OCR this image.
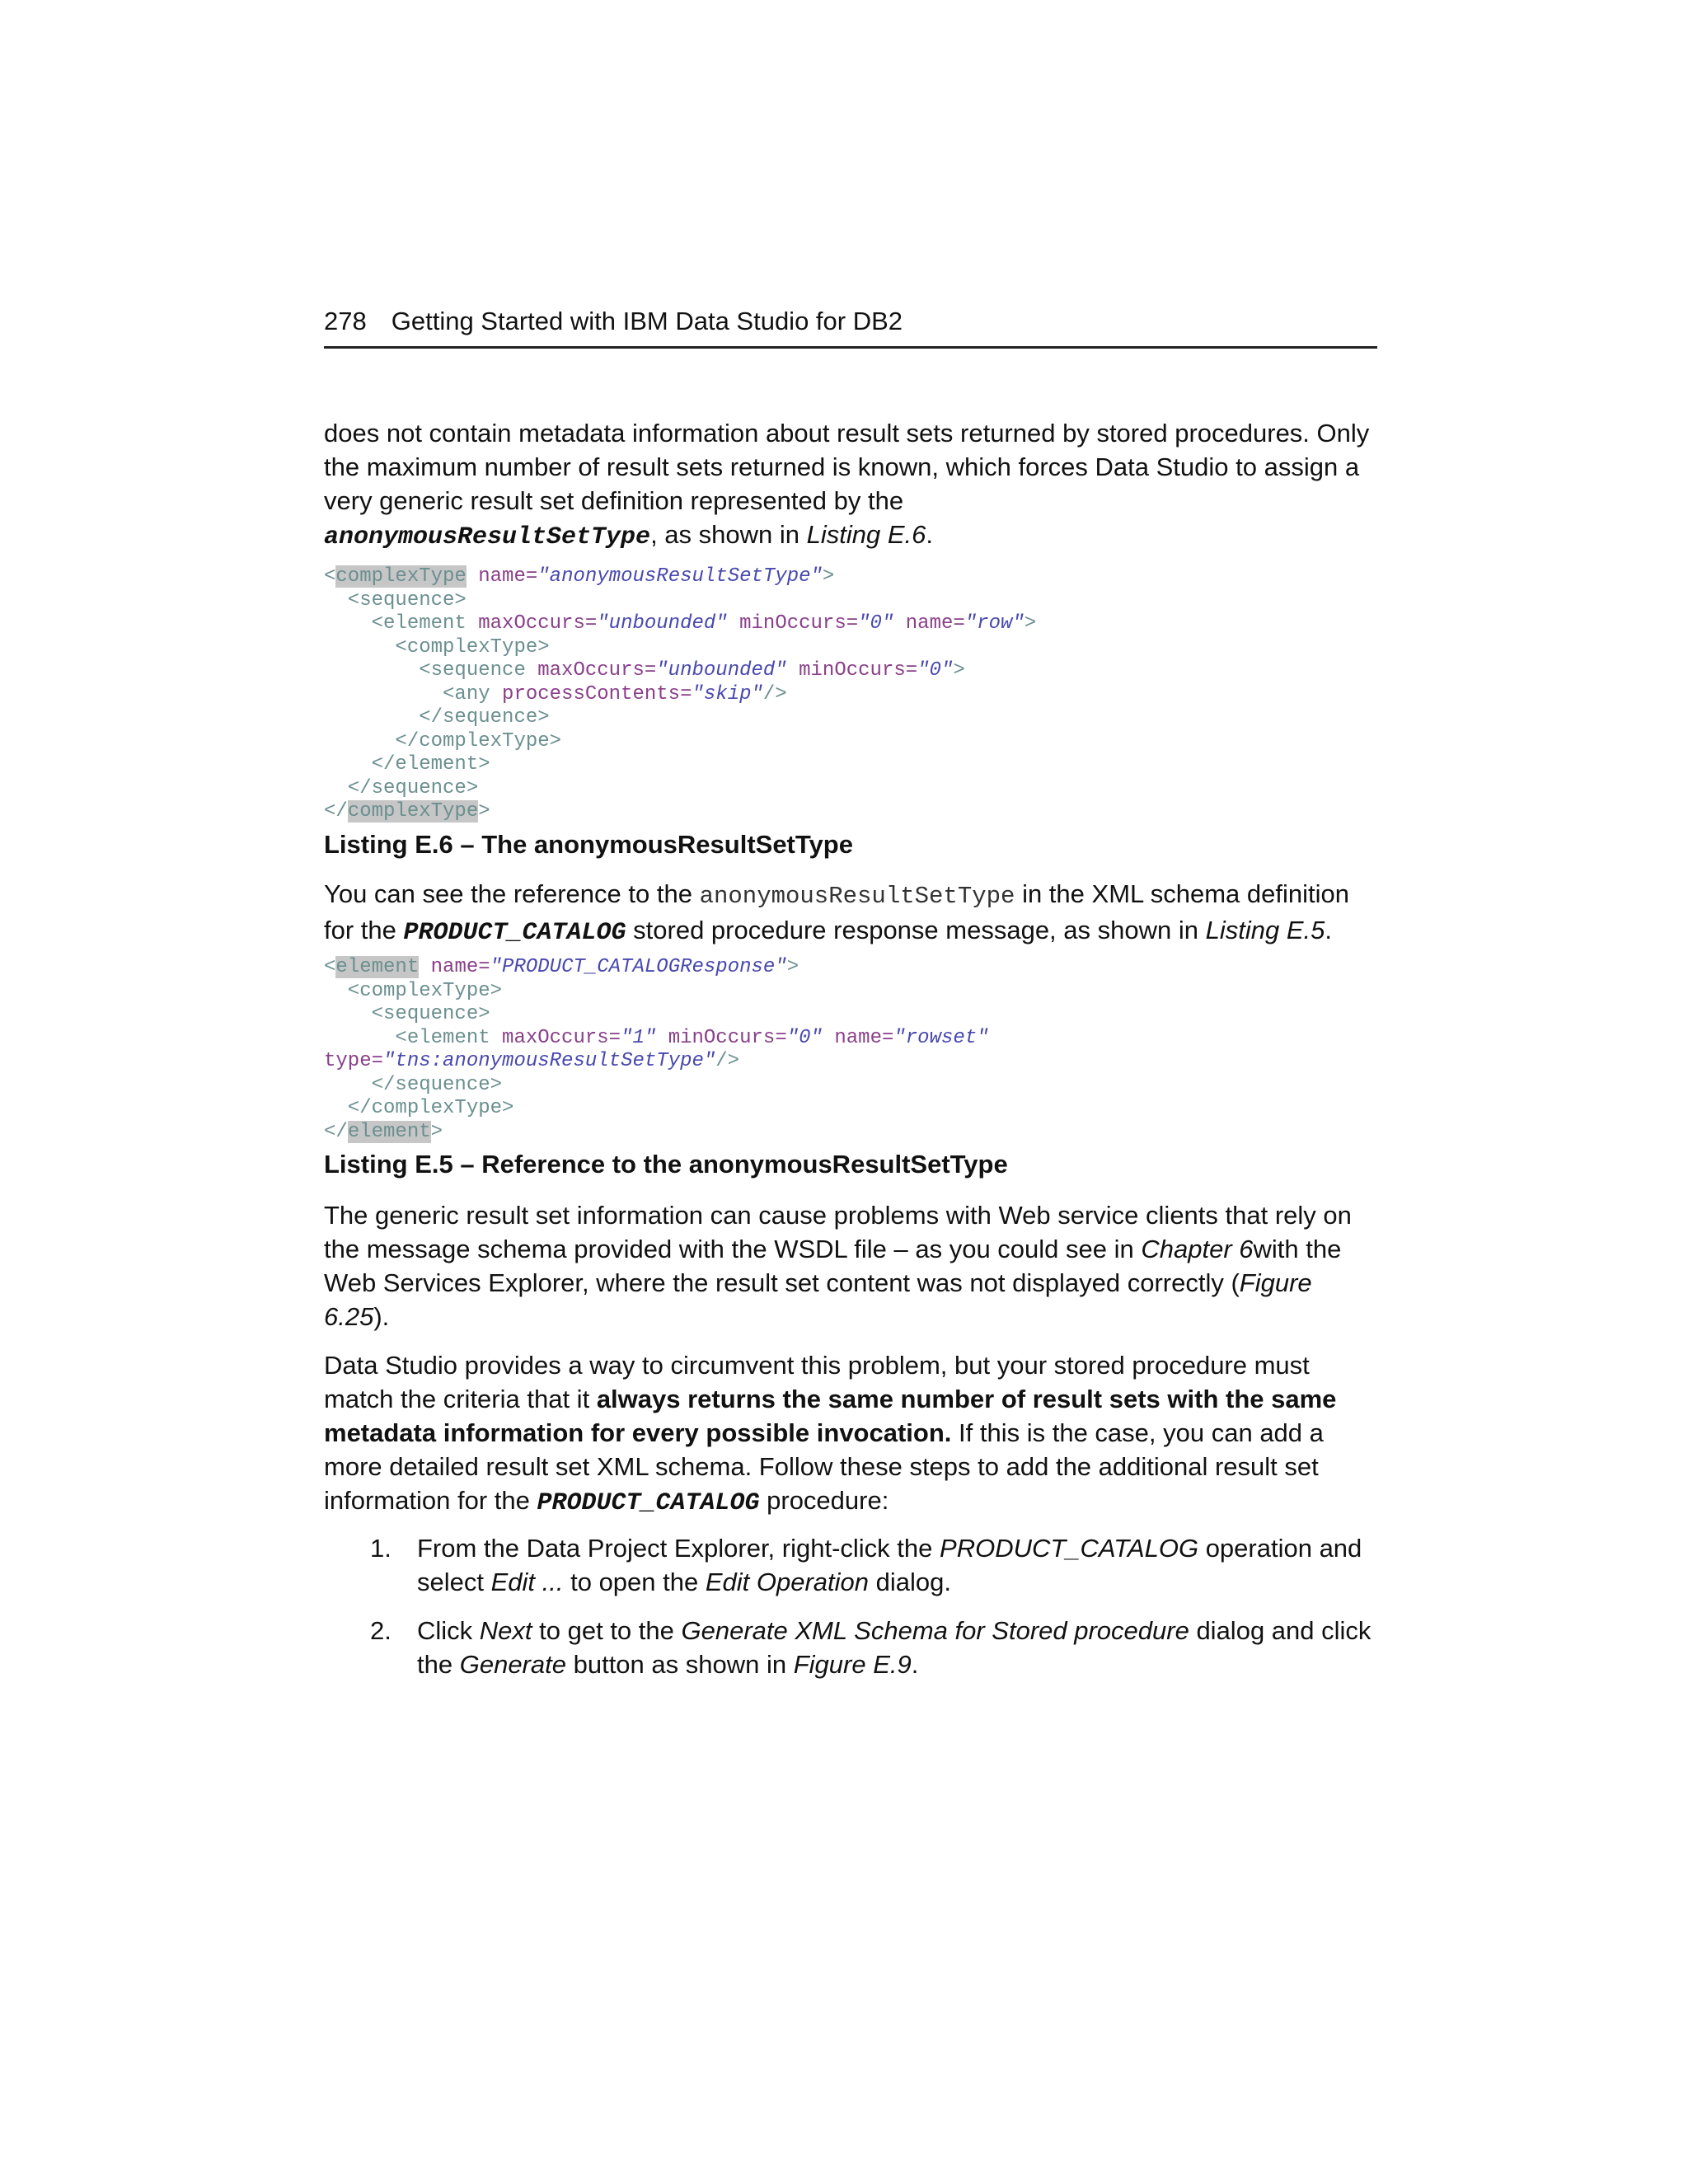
278 Getting Started with IBM Data Studio for DB2

does not contain metadata information about result sets returned by stored procedures. Only the maximum number of result sets returned is known, which forces Data Studio to assign a very generic result set definition represented by the
anonymousResultSetType, as shown in Listing E.6.

<complexType name="anonymousResultSetType">
<sequence>
<element maxOccurs="unbounded" minOccurs="0" name="row">
<complexType>
<sequence maxOccurs="unbounded" minOccurs="0">
<any processContents="skip"/>
</sequence>
</complexType>
</element>
</sequence>
</complexType>

Listing E.6 – The anonymousResultSetType

You can see the reference to the anonymousResultSetType in the XML schema definition for the PRODUCT_CATALOG stored procedure response message, as shown in Listing E.5.

<element name="PRODUCT_CATALOGResponse">
<complexType>
<sequence>
<element maxOccurs="1" minOccurs="0" name="rowset"
type="tns:anonymousResultSetType"/>
</sequence>
</complexType>
</element>

Listing E.5 – Reference to the anonymousResultSetType

The generic result set information can cause problems with Web service clients that rely on the message schema provided with the WSDL file – as you could see in Chapter 6with the Web Services Explorer, where the result set content was not displayed correctly (Figure 6.25).

Data Studio provides a way to circumvent this problem, but your stored procedure must match the criteria that it always returns the same number of result sets with the same metadata information for every possible invocation. If this is the case, you can add a more detailed result set XML schema. Follow these steps to add the additional result set information for the PRODUCT_CATALOG procedure:

1. From the Data Project Explorer, right-click the PRODUCT_CATALOG operation and select Edit ... to open the Edit Operation dialog.
2. Click Next to get to the Generate XML Schema for Stored procedure dialog and click the Generate button as shown in Figure E.9.
